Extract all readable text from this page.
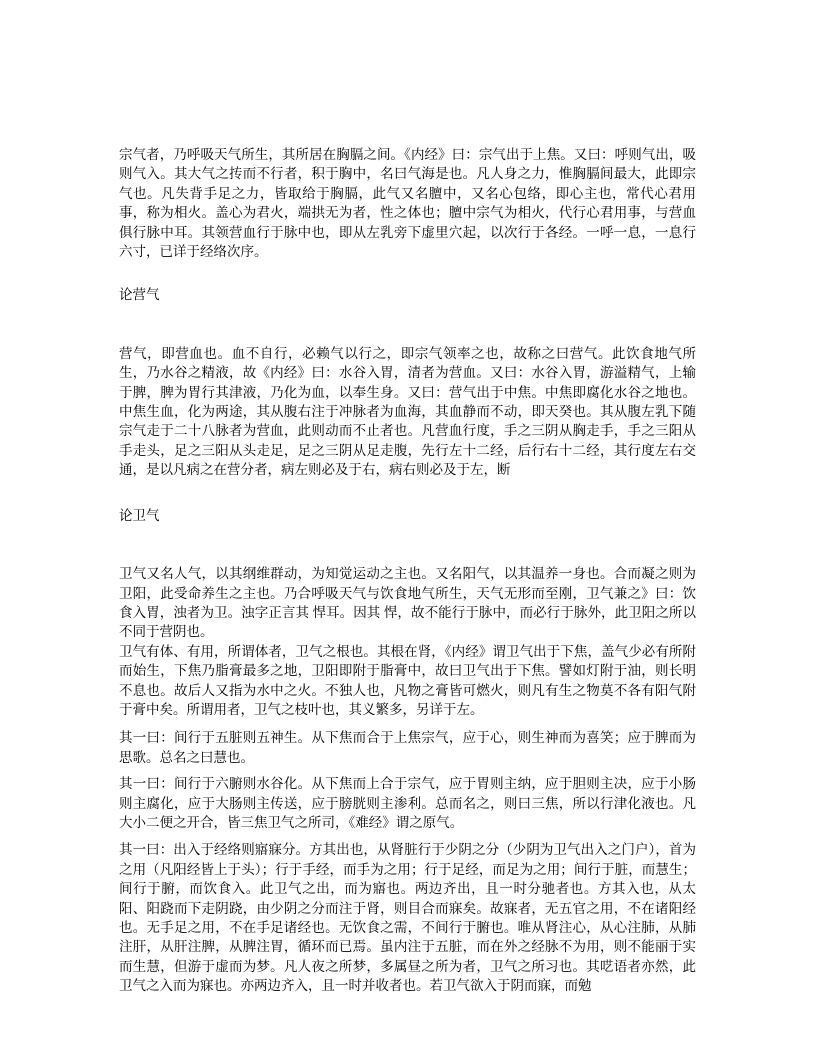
宗气者，乃呼吸天气所生，其所居在胸膈之间。《内经》曰：宗气出于上焦。又曰：呼则气出，吸则气入。其大气之抟而不行者，积于胸中，名曰气海是也。凡人身之力，惟胸膈间最大，此即宗气也。凡失背手足之力，皆取给于胸膈，此气又名膻中，又名心包络，即心主也，常代心君用事，称为相火。盖心为君火，端拱无为者，性之体也；膻中宗气为相火，代行心君用事，与营血俱行脉中耳。其领营血行于脉中也，即从左乳旁下虚里穴起，以次行于各经。一呼一息，一息行六寸，已详于经络次序。

论营气

营气，即营血也。血不自行，必赖气以行之，即宗气领率之也，故称之曰营气。此饮食地气所生，乃水谷之精液，故《内经》曰：水谷入胃，清者为营血。又曰：水谷入胃，游溢精气，上输于脾，脾为胃行其津液，乃化为血，以奉生身。又曰：营气出于中焦。中焦即腐化水谷之地也。中焦生血，化为两途，其从腹右注于冲脉者为血海，其血静而不动，即天癸也。其从腹左乳下随宗气走于二十八脉者为营血，此则动而不止者也。凡营血行度，手之三阴从胸走手，手之三阳从手走头，足之三阳从头走足，足之三阴从足走腹，先行左十二经，后行右十二经，其行度左右交通，是以凡病之在营分者，病左则必及于右，病右则必及于左，断

论卫气

卫气又名人气，以其纲维群动，为知觉运动之主也。又名阳气，以其温养一身也。合而凝之则为卫阳，此受命养生之主也。乃合呼吸天气与饮食地气所生，天气无形而至刚，卫气兼之》曰：饮食入胃，浊者为卫。浊字正言其 悍耳。因其 悍，故不能行于脉中，而必行于脉外，此卫阳之所以不同于营阴也。

卫气有体、有用，所谓体者，卫气之根也。其根在肾，《内经》谓卫气出于下焦，盖气少必有所附而始生，下焦乃脂膏最多之地，卫阳即附于脂膏中，故曰卫气出于下焦。譬如灯附于油，则长明不息也。故后人又指为水中之火。不独人也，凡物之膏皆可燃火，则凡有生之物莫不各有阳气附于膏中矣。所谓用者，卫气之枝叶也，其义繁多，另详于左。

其一曰：间行于五脏则五神生。从下焦而合于上焦宗气，应于心，则生神而为喜笑；应于脾而为思歌。总名之曰慧也。

其一曰：间行于六腑则水谷化。从下焦而上合于宗气，应于胃则主纳，应于胆则主决，应于小肠则主腐化，应于大肠则主传送，应于膀胱则主渗利。总而名之，则曰三焦，所以行津化液也。凡大小二便之开合，皆三焦卫气之所司，《难经》谓之原气。

其一曰：出入于经络则寤寐分。方其出也，从肾脏行于少阴之分（少阴为卫气出入之门户），首为之用（凡阳经皆上于头）；行于手经，而手为之用；行于足经，而足为之用；间行于脏，而慧生；间行于腑，而饮食入。此卫气之出，而为寤也。两边齐出，且一时分驰者也。方其入也，从太阳、阳跷而下走阴跷，由少阴之分而注于肾，则目合而寐矣。故寐者，无五官之用，不在诸阳经也。无手足之用，不在手足诸经也。无饮食之需，不间行于腑也。唯从肾注心，从心注肺，从肺注肝，从肝注脾，从脾注胃，循环而已焉。虽内注于五脏，而在外之经脉不为用，则不能丽于实而生慧，但游于虚而为梦。凡人夜之所梦，多属昼之所为者，卫气之所习也。其呓语者亦然，此卫气之入而为寐也。亦两边齐入，且一时并收者也。若卫气欲入于阴而寐，而勉
